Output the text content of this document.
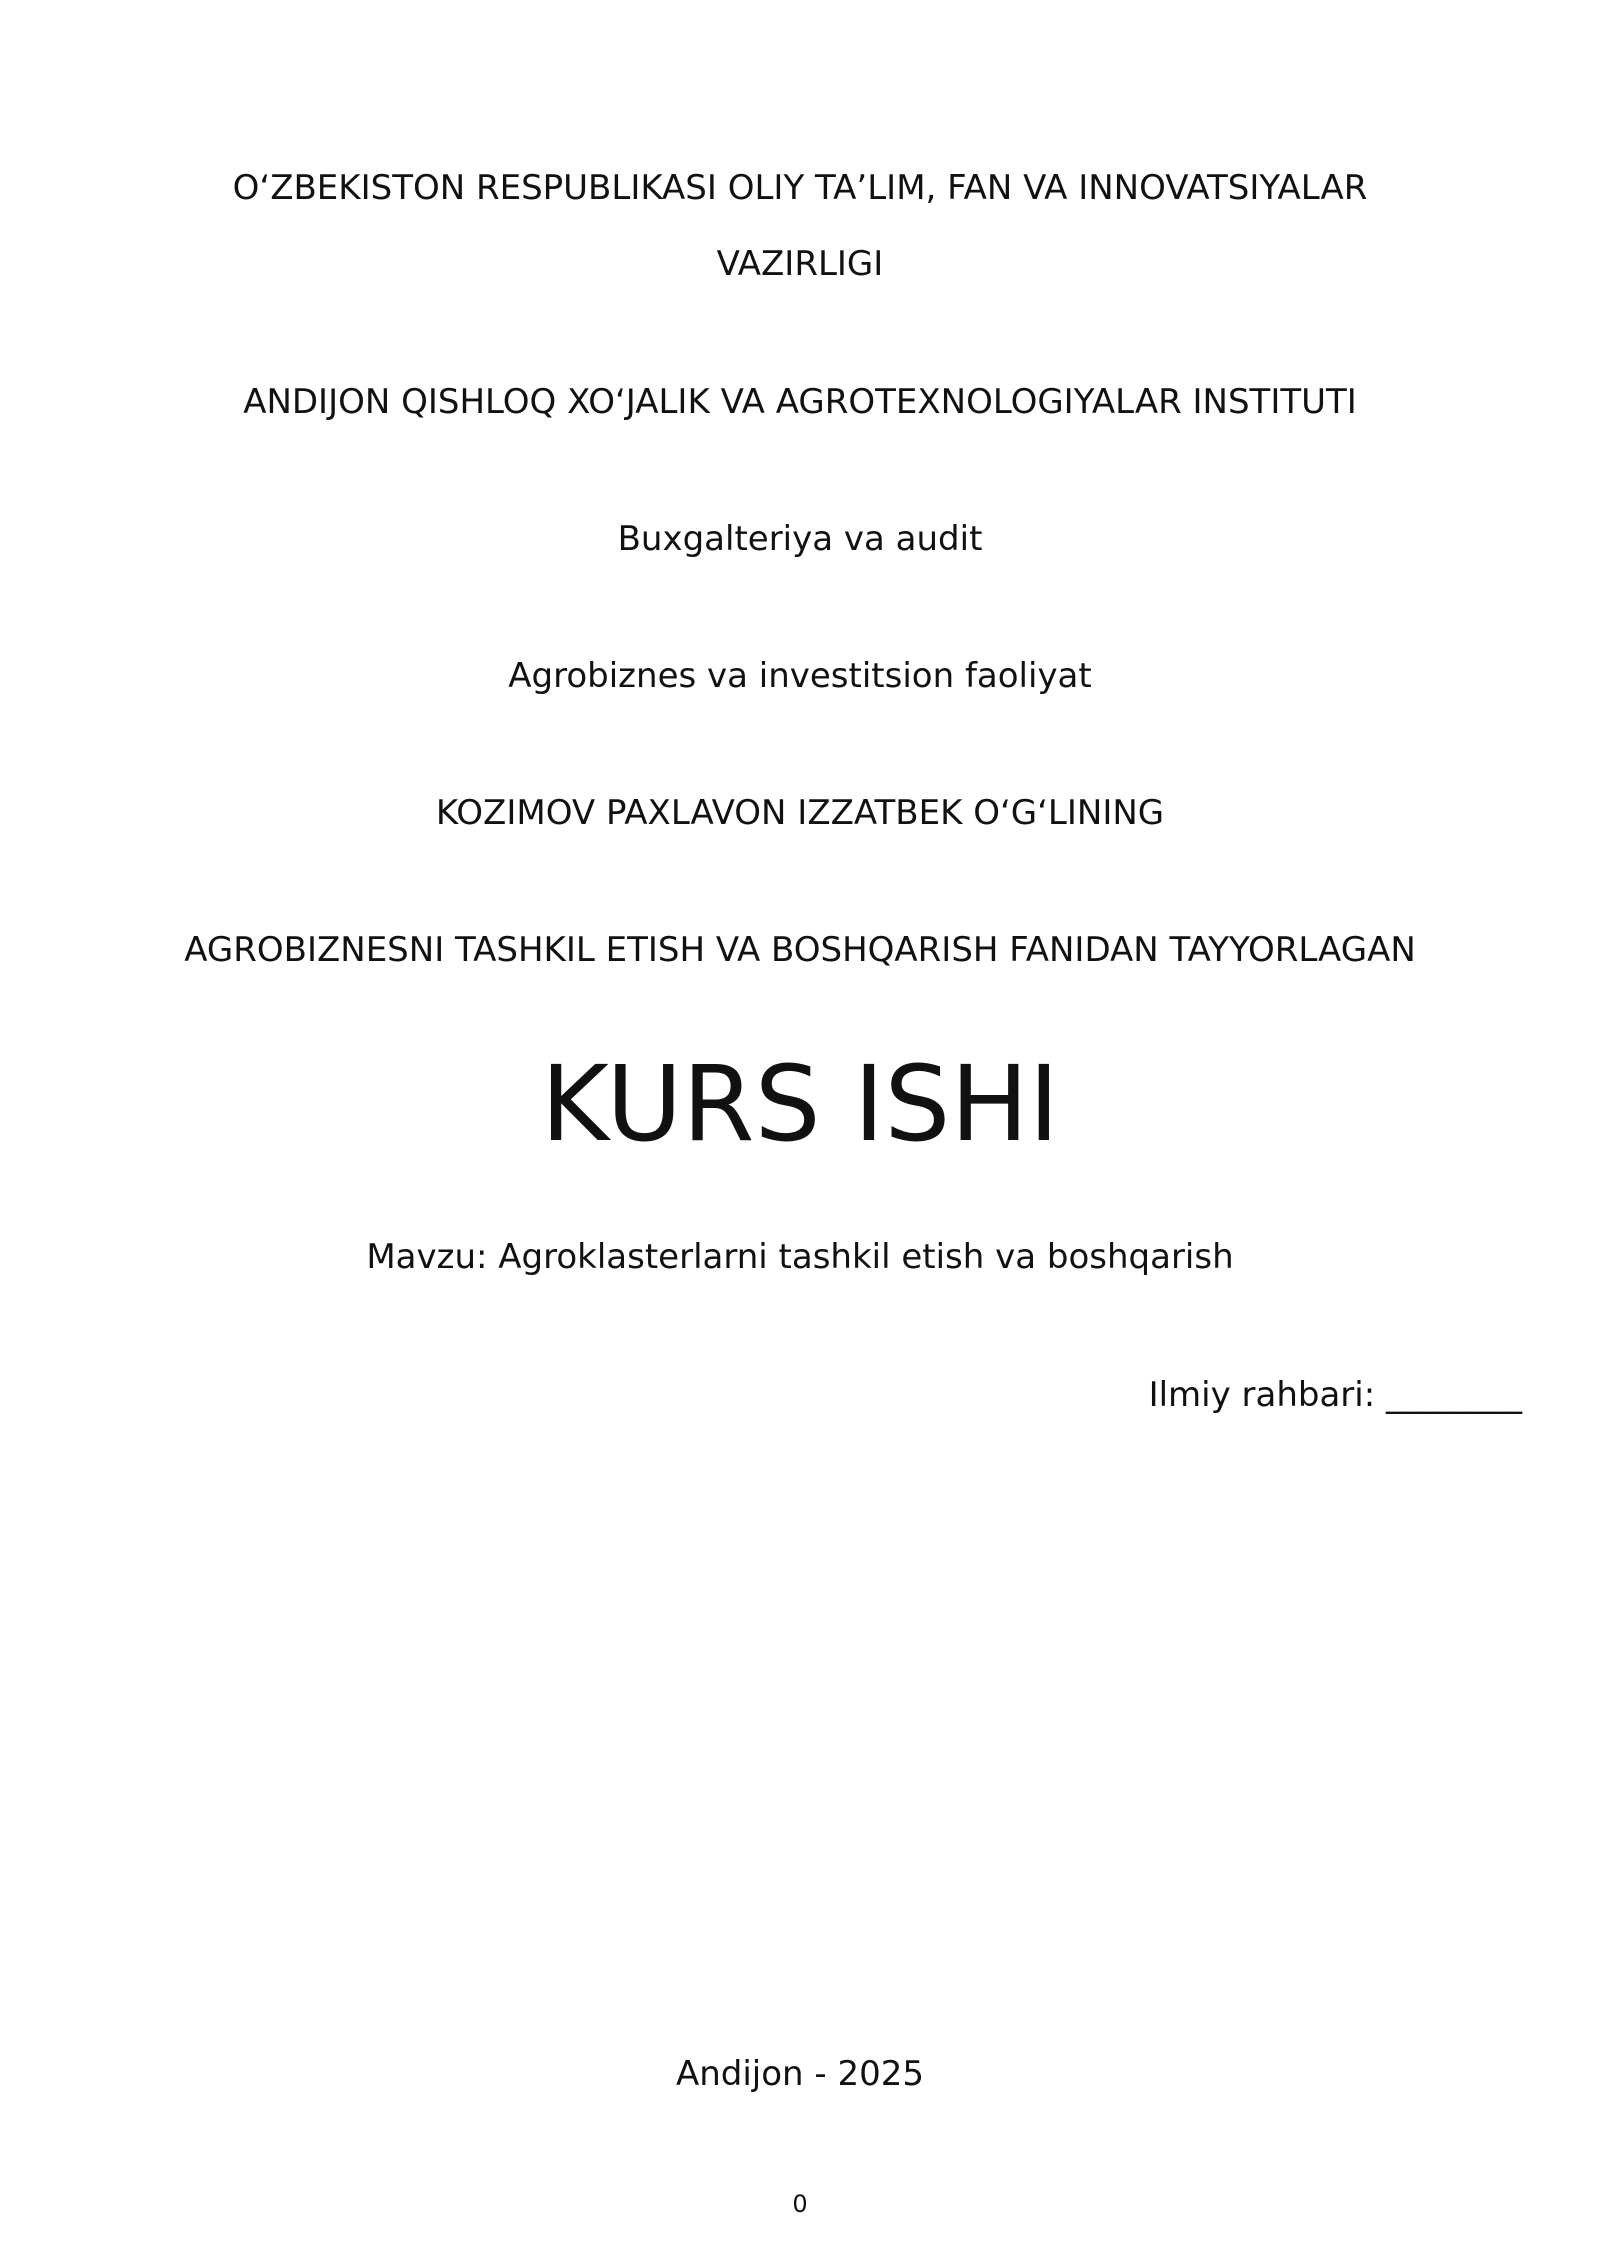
O‘ZBEKISTON RESPUBLIKASI OLIY TA’LIM, FAN VA INNOVATSIYALAR
VAZIRLIGI
ANDIJON QISHLOQ XO‘JALIK VA AGROTEXNOLOGIYALAR INSTITUTI
Buxgalteriya va audit
Agrobiznes va investitsion faoliyat
KOZIMOV PAXLAVON IZZATBEK O‘G‘LINING
AGROBIZNESNI TASHKIL ETISH VA BOSHQARISH FANIDAN TAYYORLAGAN
KURS ISHI
Mavzu: Agroklasterlarni tashkil etish va boshqarish
Ilmiy rahbari: ________
Andijon - 2025
0
